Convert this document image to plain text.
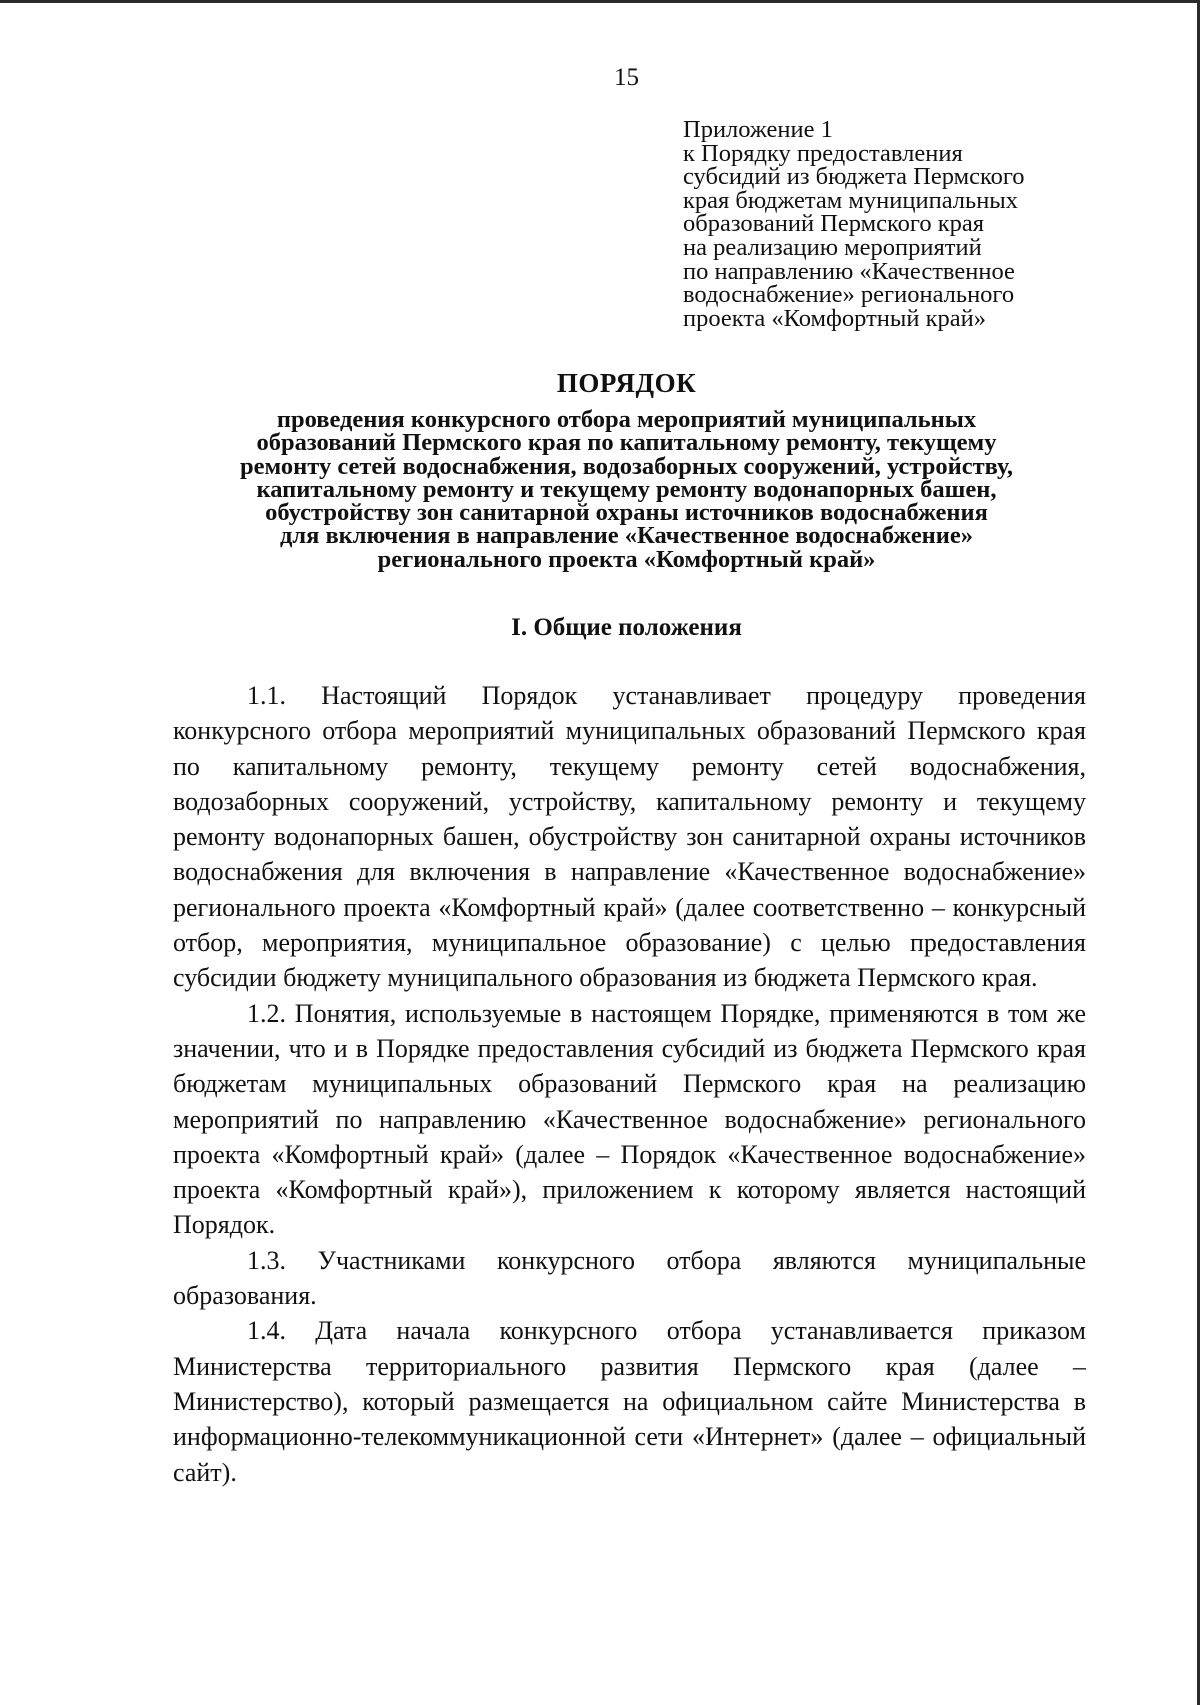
15
Приложение 1
к Порядку предоставления
субсидий из бюджета Пермского
края бюджетам муниципальных
образований Пермского края
на реализацию мероприятий
по направлению «Качественное
водоснабжение» регионального
проекта «Комфортный край»
ПОРЯДОК
проведения конкурсного отбора мероприятий муниципальных
образований Пермского края по капитальному ремонту, текущему
ремонту сетей водоснабжения, водозаборных сооружений, устройству,
капитальному ремонту и текущему ремонту водонапорных башен,
обустройству зон санитарной охраны источников водоснабжения
для включения в направление «Качественное водоснабжение»
регионального проекта «Комфортный край»
I. Общие положения

1.1. Настоящий Порядок устанавливает процедуру проведения конкурсного отбора мероприятий муниципальных образований Пермского края по капитальному ремонту, текущему ремонту сетей водоснабжения, водозаборных сооружений, устройству, капитальному ремонту и текущему ремонту водонапорных башен, обустройству зон санитарной охраны источников водоснабжения для включения в направление «Качественное водоснабжение» регионального проекта «Комфортный край» (далее соответственно – конкурсный отбор, мероприятия, муниципальное образование) с целью предоставления субсидии бюджету муниципального образования из бюджета Пермского края.

1.2. Понятия, используемые в настоящем Порядке, применяются в том же значении, что и в Порядке предоставления субсидий из бюджета Пермского края бюджетам муниципальных образований Пермского края на реализацию мероприятий по направлению «Качественное водоснабжение» регионального проекта «Комфортный край» (далее – Порядок «Качественное водоснабжение» проекта «Комфортный край»), приложением к которому является настоящий Порядок.

1.3. Участниками конкурсного отбора являются муниципальные образования.

1.4. Дата начала конкурсного отбора устанавливается приказом Министерства территориального развития Пермского края (далее – Министерство), который размещается на официальном сайте Министерства в информационно-телекоммуникационной сети «Интернет» (далее – официальный сайт).
